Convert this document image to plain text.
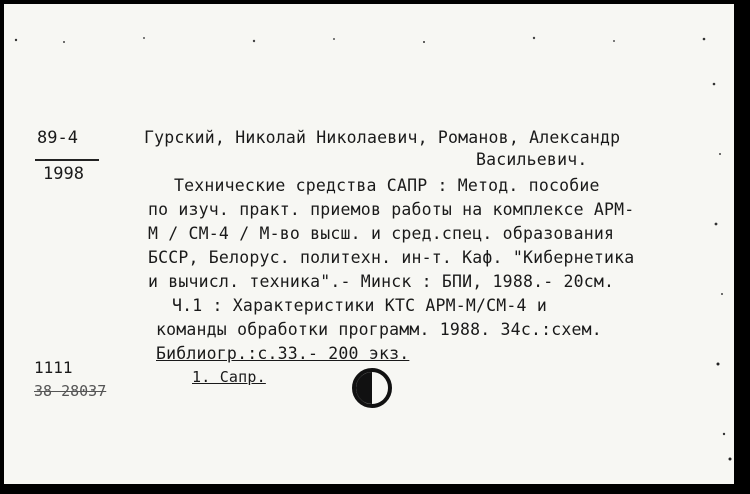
89-4
1998
1111
38 28037
Гурский, Николай Николаевич, Романов, Александр
Васильевич.
Технические средства САПР : Метод. пособие
по изуч. практ. приемов работы на комплексе АРМ-
М / СМ-4 / М-во высш. и сред.спец. образования
БССР, Белорус. политехн. ин-т. Каф. "Кибернетика
и вычисл. техника".- Минск : БПИ, 1988.- 20см.
Ч.1 : Характеристики КТС АРМ-М/СМ-4 и
команды обработки программ. 1988. 34с.:схем.
Библиогр.:с.33.- 200 экз.
1. Сапр.
